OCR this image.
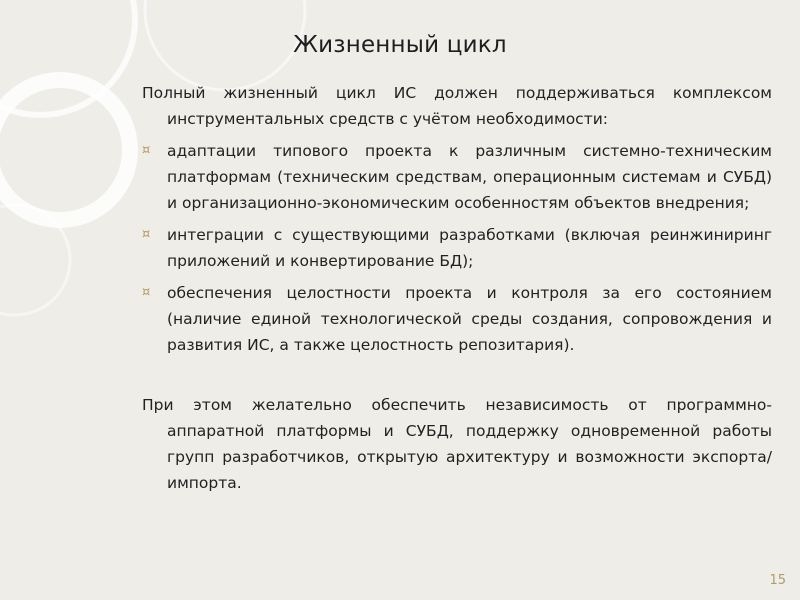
Жизненный цикл

Полный жизненный цикл ИС должен поддерживаться комплексом инструментальных средств с учётом необходимости:

¤ адаптации типового проекта к различным системно-техническим платформам (техническим средствам, операционным системам и СУБД) и организационно-экономическим особенностям объектов внедрения;
¤ интеграции с существующими разработками (включая реинжиниринг приложений и конвертирование БД);
¤ обеспечения целостности проекта и контроля за его состоянием (наличие единой технологической среды создания, сопровождения и развития ИС, а также целостность репозитария).

При этом желательно обеспечить независимость от программно-аппаратной платформы и СУБД, поддержку одновременной работы групп разработчиков, открытую архитектуру и возможности экспорта/импорта.

15
